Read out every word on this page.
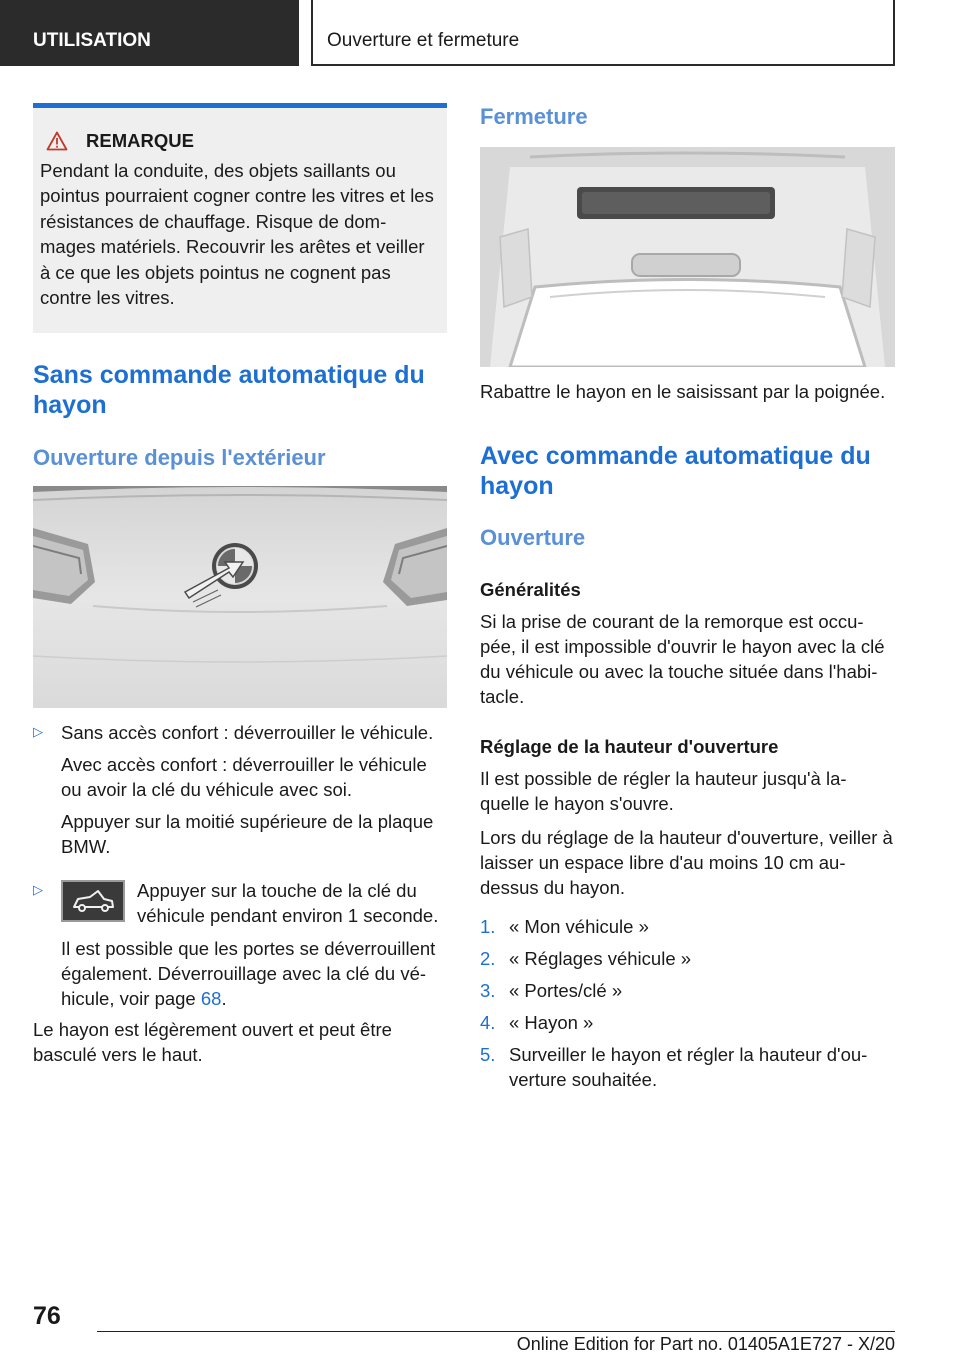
UTILISATION	Ouverture et fermeture
REMARQUE

Pendant la conduite, des objets saillants ou pointus pourraient cogner contre les vitres et les résistances de chauffage. Risque de dom-mages matériels. Recouvrir les arêtes et veiller à ce que les objets pointus ne cognent pas contre les vitres.

Sans commande automatique du hayon
Ouverture depuis l'extérieur
▷ Sans accès confort : déverrouiller le véhicule.

Avec accès confort : déverrouiller le véhicule ou avoir la clé du véhicule avec soi.

Appuyer sur la moitié supérieure de la plaque BMW.

▷	Appuyer sur la touche de la clé du véhicule pendant environ 1 seconde.

Il est possible que les portes se déverrouillent également. Déverrouillage avec la clé du vé-hicule, voir page 68.

Le hayon est légèrement ouvert et peut être basculé vers le haut.

Fermeture

Rabattre le hayon en le saisissant par la poignée.

Avec commande automatique du hayon
Ouverture
Généralités

Si la prise de courant de la remorque est occu-pée, il est impossible d'ouvrir le hayon avec la clé du véhicule ou avec la touche située dans l'habi-tacle.

Réglage de la hauteur d'ouverture

Il est possible de régler la hauteur jusqu'à la-quelle le hayon s'ouvre.

Lors du réglage de la hauteur d'ouverture, veiller à laisser un espace libre d'au moins 10 cm au-dessus du hayon.

1. « Mon véhicule »
2. « Réglages véhicule »
3. « Portes/clé »
4. « Hayon »
5. Surveiller le hayon et régler la hauteur d'ou-verture souhaitée.
76
Online Edition for Part no. 01405A1E727 - X/20
